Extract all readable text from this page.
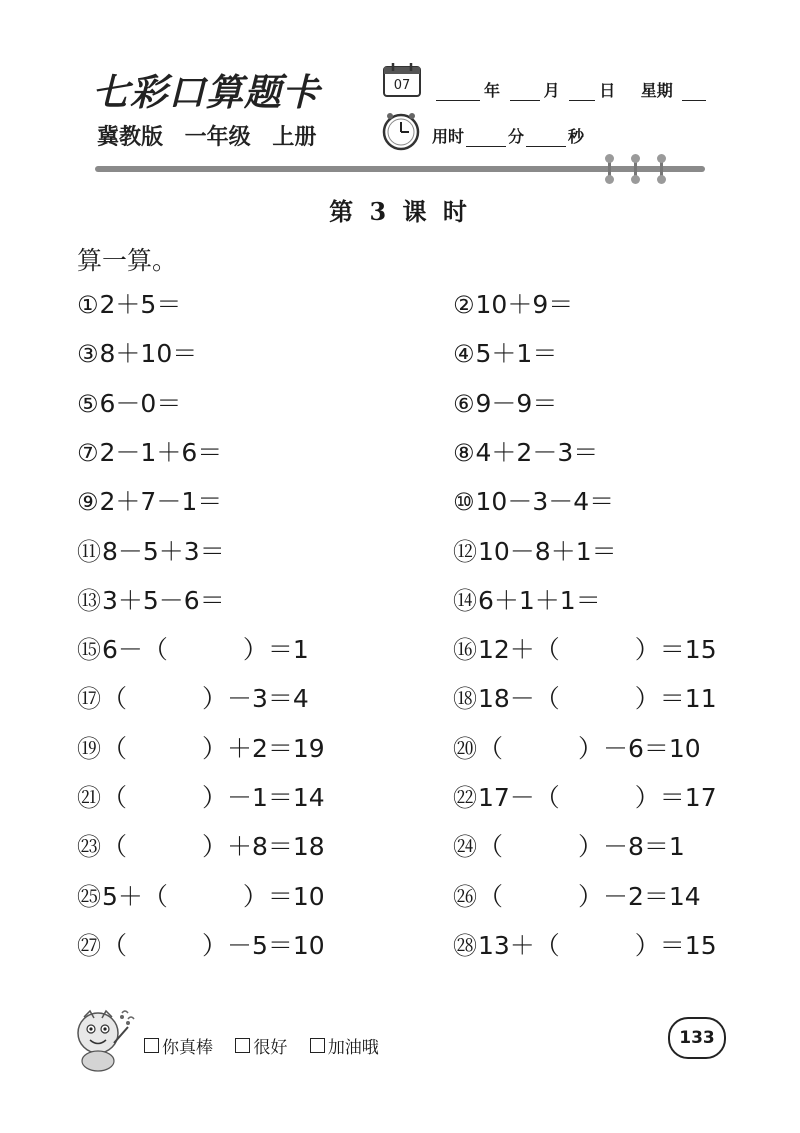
七彩口算题卡
冀教版 一年级 上册
07	年	月 日 星期
用时	分	秒
第 3 课 时
算一算。
①2＋5＝	②10＋9＝
③8＋10＝	④5＋1＝
⑤6－0＝	⑥9－9＝
⑦2－1＋6＝	⑧4＋2－3＝
⑨2＋7－1＝	⑩10－3－4＝
⑪8－5＋3＝	⑫10－8＋1＝
⑬3＋5－6＝	⑭6＋1＋1＝
⑮6－（　　　）＝1	⑯12＋（　　　）＝15
⑰（　　　）－3＝4	⑱18－（　　　）＝11
⑲（　　　）＋2＝19	⑳（　　　）－6＝10
㉑（　　　）－1＝14	㉒17－（　　　）＝17
㉓（　　　）＋8＝18	㉔（　　　）－8＝1
㉕5＋（　　　）＝10	㉖（　　　）－2＝14
㉗（　　　）－5＝10	㉘13＋（　　　）＝15
你真棒
很好
加油哦	133
